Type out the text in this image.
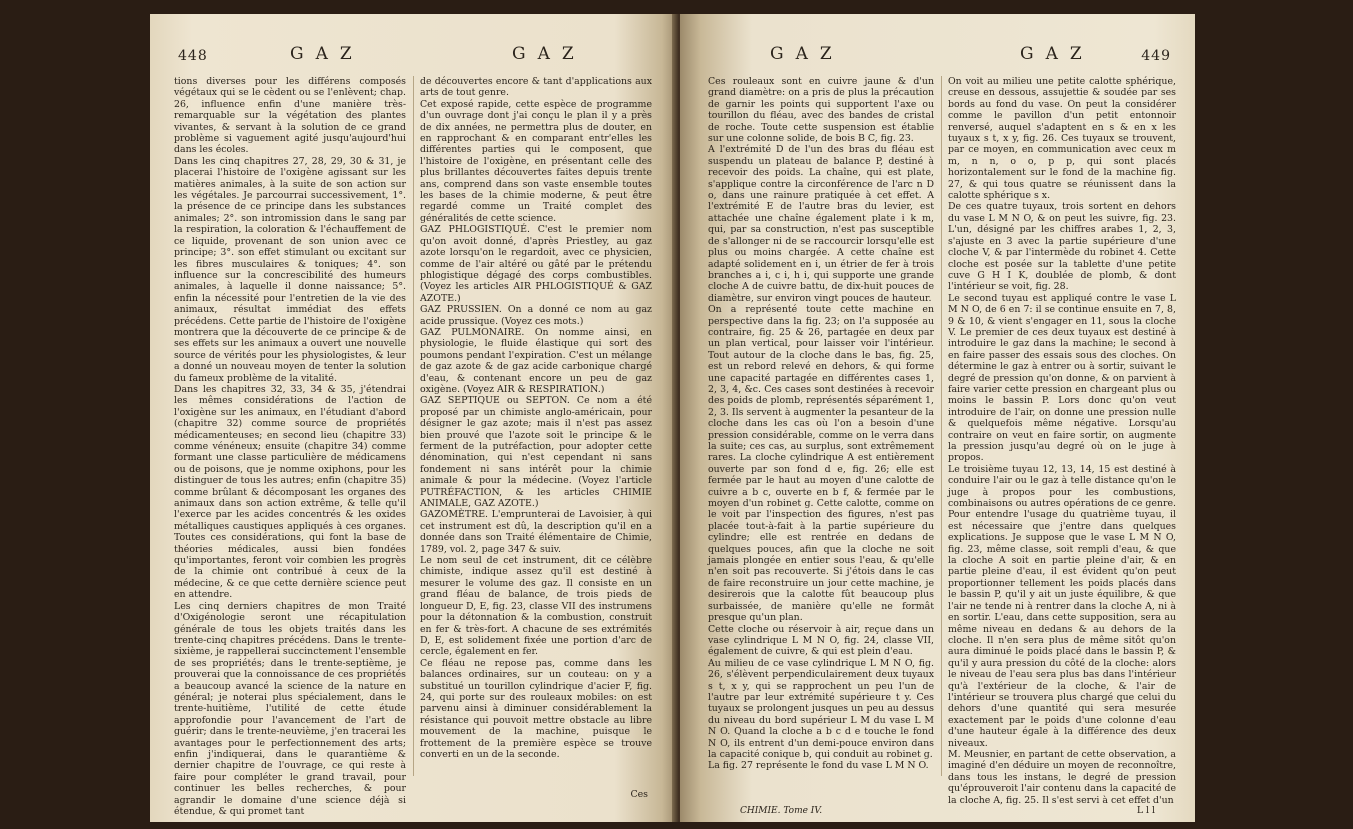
448	GAZ	GAZ
tions diverses pour les différens composés végétaux qui se le cèdent ou se l'enlèvent; chap. 26, influence enfin d'une manière très-remarquable sur la végétation des plantes vivantes, & servant à la solution de ce grand problème si vaguement agité jusqu'aujourd'hui dans les écoles.
Dans les cinq chapitres 27, 28, 29, 30 & 31, je placerai l'histoire de l'oxigène agissant sur les matières animales, à la suite de son action sur les végétales. Je parcourrai successivement, 1°. la présence de ce principe dans les substances animales; 2°. son intromission dans le sang par la respiration, la coloration & l'échauffement de ce liquide, provenant de son union avec ce principe; 3°. son effet stimulant ou excitant sur les fibres musculaires & toniques; 4°. son influence sur la concrescibilité des humeurs animales, à laquelle il donne naissance; 5°. enfin la nécessité pour l'entretien de la vie des animaux, résultat immédiat des effets précédens. Cette partie de l'histoire de l'oxigène montrera que la découverte de ce principe & de ses effets sur les animaux a ouvert une nouvelle source de vérités pour les physiologistes, & leur a donné un nouveau moyen de tenter la solution du fameux problème de la vitalité.
Dans les chapitres 32, 33, 34 & 35, j'étendrai les mêmes considérations de l'action de l'oxigène sur les animaux, en l'étudiant d'abord (chapitre 32) comme source de propriétés médicamenteuses; en second lieu (chapitre 33) comme vénéneux; ensuite (chapitre 34) comme formant une classe particulière de médicamens ou de poisons, que je nomme oxiphons, pour les distinguer de tous les autres; enfin (chapitre 35) comme brûlant & décomposant les organes des animaux dans son action extrême, & telle qu'il l'exerce par les acides concentrés & les oxides métalliques caustiques appliqués à ces organes. Toutes ces considérations, qui font la base de théories médicales, aussi bien fondées qu'importantes, feront voir combien les progrès de la chimie ont contribué à ceux de la médecine, & ce que cette dernière science peut en attendre.
Les cinq derniers chapitres de mon Traité d'Oxigénologie seront une récapitulation générale de tous les objets traités dans les trente-cinq chapitres précédens. Dans le trente-sixième, je rappellerai succinctement l'ensemble de ses propriétés; dans le trente-septième, je prouverai que la connoissance de ces propriétés a beaucoup avancé la science de la nature en général; je noterai plus spécialement, dans le trente-huitième, l'utilité de cette étude approfondie pour l'avancement de l'art de guérir; dans le trente-neuvième, j'en tracerai les avantages pour le perfectionnement des arts; enfin j'indiquerai, dans le quarantième & dernier chapitre de l'ouvrage, ce qui reste à faire pour compléter le grand travail, pour continuer les belles recherches, & pour agrandir le domaine d'une science déjà si étendue, & qui promet tant
de découvertes encore & tant d'applications aux arts de tout genre.
Cet exposé rapide, cette espèce de programme d'un ouvrage dont j'ai conçu le plan il y a près de dix années, ne permettra plus de douter, en en rapprochant & en comparant entr'elles les différentes parties qui le composent, que l'histoire de l'oxigène, en présentant celle des plus brillantes découvertes faites depuis trente ans, comprend dans son vaste ensemble toutes les bases de la chimie moderne, & peut être regardé comme un Traité complet des généralités de cette science.
GAZ PHLOGISTIQUÉ. C'est le premier nom qu'on avoit donné, d'après Priestley, au gaz azote lorsqu'on le regardoit, avec ce physicien, comme de l'air altéré ou gâté par le prétendu phlogistique dégagé des corps combustibles. (Voyez les articles AIR PHLOGISTIQUÉ & GAZ AZOTE.)
GAZ PRUSSIEN. On a donné ce nom au gaz acide prussique. (Voyez ces mots.)
GAZ PULMONAIRE. On nomme ainsi, en physiologie, le fluide élastique qui sort des poumons pendant l'expiration. C'est un mélange de gaz azote & de gaz acide carbonique chargé d'eau, & contenant encore un peu de gaz oxigène. (Voyez AIR & RESPIRATION.)
GAZ SEPTIQUE ou SEPTON. Ce nom a été proposé par un chimiste anglo-américain, pour désigner le gaz azote; mais il n'est pas assez bien prouvé que l'azote soit le principe & le ferment de la putréfaction, pour adopter cette dénomination, qui n'est cependant ni sans fondement ni sans intérêt pour la chimie animale & pour la médecine. (Voyez l'article PUTRÉFACTION, & les articles CHIMIE ANIMALE, GAZ AZOTE.)
GAZOMÈTRE. L'emprunterai de Lavoisier, à qui cet instrument est dû, la description qu'il en a donnée dans son Traité élémentaire de Chimie, 1789, vol. 2, page 347 & suiv.
Le nom seul de cet instrument, dit ce célèbre chimiste, indique assez qu'il est destiné à mesurer le volume des gaz. Il consiste en un grand fléau de balance, de trois pieds de longueur D, E, fig. 23, classe VII des instrumens pour la détonnation & la combustion, construit en fer & très-fort. A chacune de ses extrémités D, E, est solidement fixée une portion d'arc de cercle, également en fer.
Ce fléau ne repose pas, comme dans les balances ordinaires, sur un couteau: on y a substitué un tourillon cylindrique d'acier F, fig. 24, qui porte sur des rouleaux mobiles: on est parvenu ainsi à diminuer considérablement la résistance qui pouvoit mettre obstacle au libre mouvement de la machine, puisque le frottement de la première espèce se trouve converti en un de la seconde.
Ces
GAZ	GAZ	449
Ces rouleaux sont en cuivre jaune & d'un grand diamètre: on a pris de plus la précaution de garnir les points qui supportent l'axe ou tourillon du fléau, avec des bandes de cristal de roche. Toute cette suspension est établie sur une colonne solide, de bois B C, fig. 23.
A l'extrémité D de l'un des bras du fléau est suspendu un plateau de balance P, destiné à recevoir des poids. La chaîne, qui est plate, s'applique contre la circonférence de l'arc n D o, dans une rainure pratiquée à cet effet. A l'extrémité E de l'autre bras du levier, est attachée une chaîne également plate i k m, qui, par sa construction, n'est pas susceptible de s'allonger ni de se raccourcir lorsqu'elle est plus ou moins chargée. A cette chaîne est adapté solidement en i, un étrier de fer à trois branches a i, c i, h i, qui supporte une grande cloche A de cuivre battu, de dix-huit pouces de diamètre, sur environ vingt pouces de hauteur.
On a représenté toute cette machine en perspective dans la fig. 23; on l'a supposée au contraire, fig. 25 & 26, partagée en deux par un plan vertical, pour laisser voir l'intérieur. Tout autour de la cloche dans le bas, fig. 25, est un rebord relevé en dehors, & qui forme une capacité partagée en différentes cases 1, 2, 3, 4, &c. Ces cases sont destinées à recevoir des poids de plomb, représentés séparément 1, 2, 3. Ils servent à augmenter la pesanteur de la cloche dans les cas où l'on a besoin d'une pression considérable, comme on le verra dans la suite; ces cas, au surplus, sont extrêmement rares. La cloche cylindrique A est entièrement ouverte par son fond d e, fig. 26; elle est fermée par le haut au moyen d'une calotte de cuivre a b c, ouverte en b f, & fermée par le moyen d'un robinet g. Cette calotte, comme on le voit par l'inspection des figures, n'est pas placée tout-à-fait à la partie supérieure du cylindre; elle est rentrée en dedans de quelques pouces, afin que la cloche ne soit jamais plongée en entier sous l'eau, & qu'elle n'en soit pas recouverte. Si j'étois dans le cas de faire reconstruire un jour cette machine, je desirerois que la calotte fût beaucoup plus surbaissée, de manière qu'elle ne formât presque qu'un plan.
Cette cloche ou réservoir à air, reçue dans un vase cylindrique L M N O, fig. 24, classe VII, également de cuivre, & qui est plein d'eau.
Au milieu de ce vase cylindrique L M N O, fig. 26, s'élèvent perpendiculairement deux tuyaux s t, x y, qui se rapprochent un peu l'un de l'autre par leur extrémité supérieure t y. Ces tuyaux se prolongent jusques un peu au dessus du niveau du bord supérieur L M du vase L M N O. Quand la cloche a b c d e touche le fond N O, ils entrent d'un demi-pouce environ dans la capacité conique b, qui conduit au robinet g.
La fig. 27 représente le fond du vase L M N O.
On voit au milieu une petite calotte sphérique, creuse en dessous, assujettie & soudée par ses bords au fond du vase. On peut la considérer comme le pavillon d'un petit entonnoir renversé, auquel s'adaptent en s & en x les tuyaux s t, x y, fig. 26. Ces tuyaux se trouvent, par ce moyen, en communication avec ceux m m, n n, o o, p p, qui sont placés horizontalement sur le fond de la machine fig. 27, & qui tous quatre se réunissent dans la calotte sphérique s x.
De ces quatre tuyaux, trois sortent en dehors du vase L M N O, & on peut les suivre, fig. 23. L'un, désigné par les chiffres arabes 1, 2, 3, s'ajuste en 3 avec la partie supérieure d'une cloche V, & par l'intermède du robinet 4. Cette cloche est posée sur la tablette d'une petite cuve G H I K, doublée de plomb, & dont l'intérieur se voit, fig. 28.
Le second tuyau est appliqué contre le vase L M N O, de 6 en 7: il se continue ensuite en 7, 8, 9 & 10, & vient s'engager en 11, sous la cloche V. Le premier de ces deux tuyaux est destiné à introduire le gaz dans la machine; le second à en faire passer des essais sous des cloches. On détermine le gaz à entrer ou à sortir, suivant le degré de pression qu'on donne, & on parvient à faire varier cette pression en chargeant plus ou moins le bassin P. Lors donc qu'on veut introduire de l'air, on donne une pression nulle & quelquefois même négative. Lorsqu'au contraire on veut en faire sortir, on augmente la pression jusqu'au degré où on le juge à propos.
Le troisième tuyau 12, 13, 14, 15 est destiné à conduire l'air ou le gaz à telle distance qu'on le juge à propos pour les combustions, combinaisons ou autres opérations de ce genre.
Pour entendre l'usage du quatrième tuyau, il est nécessaire que j'entre dans quelques explications. Je suppose que le vase L M N O, fig. 23, même classe, soit rempli d'eau, & que la cloche A soit en partie pleine d'air, & en partie pleine d'eau, il est évident qu'on peut proportionner tellement les poids placés dans le bassin P, qu'il y ait un juste équilibre, & que l'air ne tende ni à rentrer dans la cloche A, ni à en sortir. L'eau, dans cette supposition, sera au même niveau en dedans & au dehors de la cloche. Il n'en sera plus de même sitôt qu'on aura diminué le poids placé dans le bassin P, & qu'il y aura pression du côté de la cloche: alors le niveau de l'eau sera plus bas dans l'intérieur qu'à l'extérieur de la cloche, & l'air de l'intérieur se trouvera plus chargé que celui du dehors d'une quantité qui sera mesurée exactement par le poids d'une colonne d'eau d'une hauteur égale à la différence des deux niveaux.
M. Meusnier, en partant de cette observation, a imaginé d'en déduire un moyen de reconnoître, dans tous les instans, le degré de pression qu'éprouveroit l'air contenu dans la capacité de la cloche A, fig. 25. Il s'est servi à cet effet d'un
CHIMIE. Tome IV.	L l l
